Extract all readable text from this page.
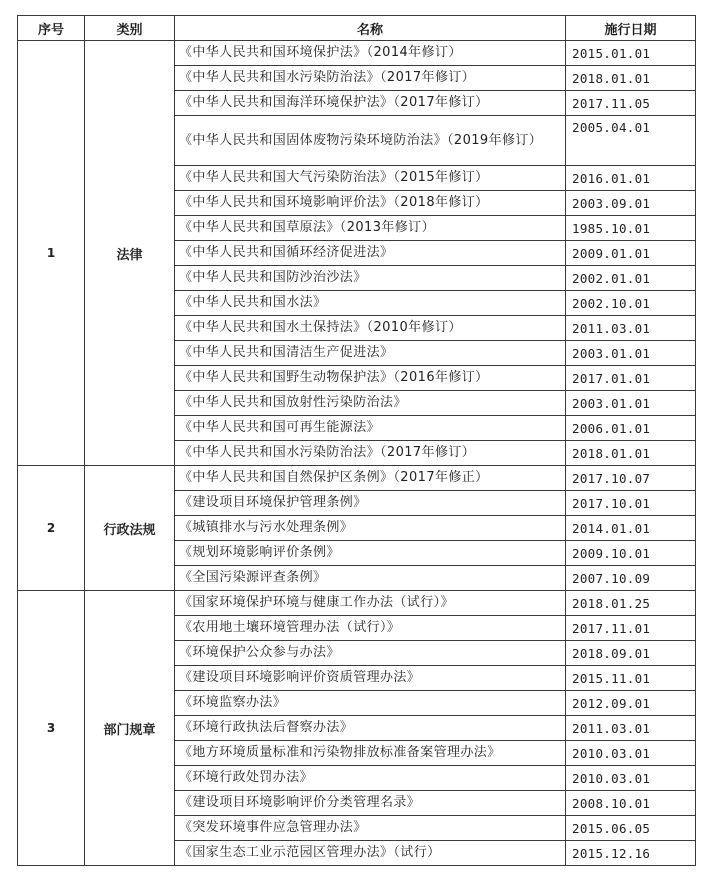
序号	类别	名称	施行日期
1	法律	《中华人民共和国环境保护法》（2014年修订）	2015.01.01
		《中华人民共和国水污染防治法》（2017年修订）	2018.01.01
		《中华人民共和国海洋环境保护法》（2017年修订）	2017.11.05
		《中华人民共和国固体废物污染环境防治法》（2019年修订）	2005.04.01
		《中华人民共和国大气污染防治法》（2015年修订）	2016.01.01
		《中华人民共和国环境影响评价法》（2018年修订）	2003.09.01
		《中华人民共和国草原法》（2013年修订）	1985.10.01
		《中华人民共和国循环经济促进法》	2009.01.01
		《中华人民共和国防沙治沙法》	2002.01.01
		《中华人民共和国水法》	2002.10.01
		《中华人民共和国水土保持法》（2010年修订）	2011.03.01
		《中华人民共和国清洁生产促进法》	2003.01.01
		《中华人民共和国野生动物保护法》（2016年修订）	2017.01.01
		《中华人民共和国放射性污染防治法》	2003.01.01
		《中华人民共和国可再生能源法》	2006.01.01
		《中华人民共和国水污染防治法》（2017年修订）	2018.01.01
2	行政法规	《中华人民共和国自然保护区条例》（2017年修正）	2017.10.07
		《建设项目环境保护管理条例》	2017.10.01
		《城镇排水与污水处理条例》	2014.01.01
		《规划环境影响评价条例》	2009.10.01
		《全国污染源评查条例》	2007.10.09
3	部门规章	《国家环境保护环境与健康工作办法（试行）》	2018.01.25
		《农用地土壤环境管理办法（试行）》	2017.11.01
		《环境保护公众参与办法》	2018.09.01
		《建设项目环境影响评价资质管理办法》	2015.11.01
		《环境监察办法》	2012.09.01
		《环境行政执法后督察办法》	2011.03.01
		《地方环境质量标准和污染物排放标准备案管理办法》	2010.03.01
		《环境行政处罚办法》	2010.03.01
		《建设项目环境影响评价分类管理名录》	2008.10.01
		《突发环境事件应急管理办法》	2015.06.05
		《国家生态工业示范园区管理办法》（试行）	2015.12.16
